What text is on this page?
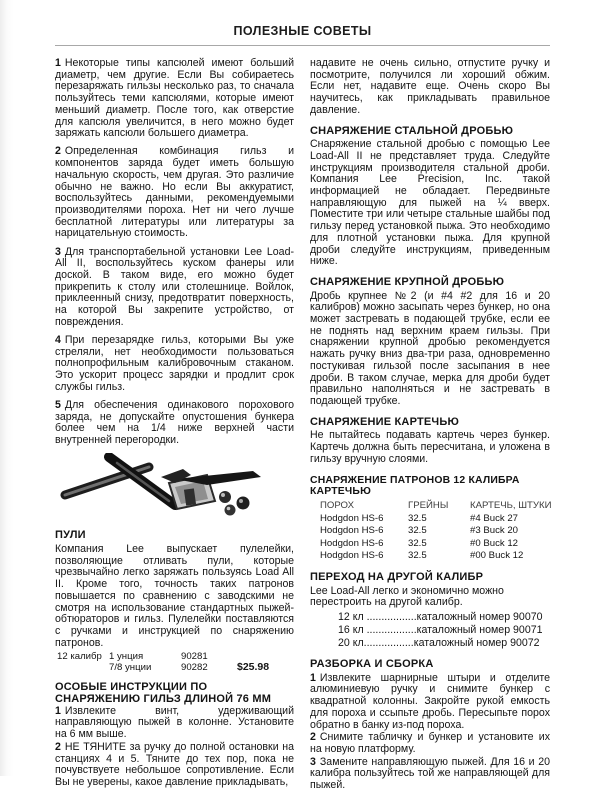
ПОЛЕЗНЫЕ СОВЕТЫ

1 Некоторые типы капсюлей имеют больший диаметр, чем другие. Если Вы собираетесь перезаряжать гильзы несколько раз, то сначала пользуйтесь теми капсюлями, которые имеют меньший диаметр. После того, как отверстие для капсюля увеличится, в него можно будет заряжать капсюли большего диаметра.

2 Определенная комбинация гильз и компонентов заряда будет иметь большую начальную скорость, чем другая. Это различие обычно не важно. Но если Вы аккуратист, воспользуйтесь данными, рекомендуемыми производителями пороха. Нет ни чего лучше бесплатной литературы или литературы за нарицательную стоимость.

3 Для транспортабельной установки Lee Load-All II, воспользуйтесь куском фанеры или доской. В таком виде, его можно будет прикрепить к столу или столешнице. Войлок, приклеенный снизу, предотвратит поверхность, на которой Вы закрепите устройство, от повреждения.

4 При перезарядке гильз, которыми Вы уже стреляли, нет необходимости пользоваться полнопрофильным калибровочным стаканом. Это ускорит процесс зарядки и продлит срок службы гильз.

5 Для обеспечения одинакового порохового заряда, не допускайте опустошения бункера более чем на 1/4 ниже верхней части внутренней перегородки.

ПУЛИ

Компания Lee выпускает пулелейки, позволяющие отливать пули, которые чрезвычайно легко заряжать пользуясь Load All II. Кроме того, точность таких патронов повышается по сравнению с заводскими не смотря на использование стандартных пыжей-обтюраторов и гильз. Пулелейки поставляются с ручками и инструкцией по снаряжению патронов.

12 калибр 1 унция	90281
7/8 унции	90282	$25.98
ОСОБЫЕ ИНСТРУКЦИИ ПО
СНАРЯЖЕНИЮ ГИЛЬЗ ДЛИНОЙ 76 ММ

1 Извлеките винт, удерживающий направляющую пыжей в колонне. Установите на 6 мм выше.

2 НЕ ТЯНИТЕ за ручку до полной остановки на станциях 4 и 5. Тяните до тех пор, пока не почувствуете небольшое сопротивление. Если Вы не уверены, какое давление прикладывать,

надавите не очень сильно, отпустите ручку и посмотрите, получился ли хороший обжим. Если нет, надавите еще. Очень скоро Вы научитесь, как прикладывать правильное давление.

СНАРЯЖЕНИЕ СТАЛЬНОЙ ДРОБЬЮ

Снаряжение стальной дробью с помощью Lee Load-All II не представляет труда. Следуйте инструкциям производителя стальной дроби. Компания Lee Precision, Inc. такой информацией не обладает. Передвиньте направляющую для пыжей на ¼ вверх. Поместите три или четыре стальные шайбы под гильзу перед установкой пыжа. Это необходимо для плотной установки пыжа. Для крупной дроби следуйте инструкциям, приведенным ниже.

СНАРЯЖЕНИЕ КРУПНОЙ ДРОБЬЮ

Дробь крупнее №2 (и #4 #2 для 16 и 20 калибров) можно засыпать через бункер, но она может застревать в подающей трубке, если ее не поднять над верхним краем гильзы. При снаряжении крупной дробью рекомендуется нажать ручку вниз два-три раза, одновременно постукивая гильзой после засыпания в нее дроби. В таком случае, мерка для дроби будет правильно наполняться и не застревать в подающей трубке.

СНАРЯЖЕНИЕ КАРТЕЧЬЮ

Не пытайтесь подавать картечь через бункер. Картечь должна быть пересчитана, и уложена в гильзу вручную слоями.

СНАРЯЖЕНИЕ ПАТРОНОВ 12 КАЛИБРА КАРТЕЧЬЮ
ПОРОХ	ГРЕЙНЫ	КАРТЕЧЬ, ШТУКИ
Hodgdon HS-6	32.5	#4 Buck 27
Hodgdon HS-6	32.5	#3 Buck 20
Hodgdon HS-6	32.5	#0 Buck 12
Hodgdon HS-6	32.5	#00 Buck 12
ПЕРЕХОД НА ДРУГОЙ КАЛИБР

Lee Load-All легко и экономично можно перестроить на другой калибр.

12 кл .................каталожный номер 90070
16 кл .................каталожный номер 90071
20 кл.................каталожный номер 90072
РАЗБОРКА И СБОРКА

1 Извлеките шарнирные штыри и отделите алюминиевую ручку и снимите бункер с квадратной колонны. Закройте рукой емкость для пороха и ссыпьте дробь. Пересыпьте порох обратно в банку из-под пороха.

2 Снимите табличку и бункер и установите их на новую платформу.

3 Замените направляющую пыжей. Для 16 и 20 калибра пользуйтесь той же направляющей для пыжей.
